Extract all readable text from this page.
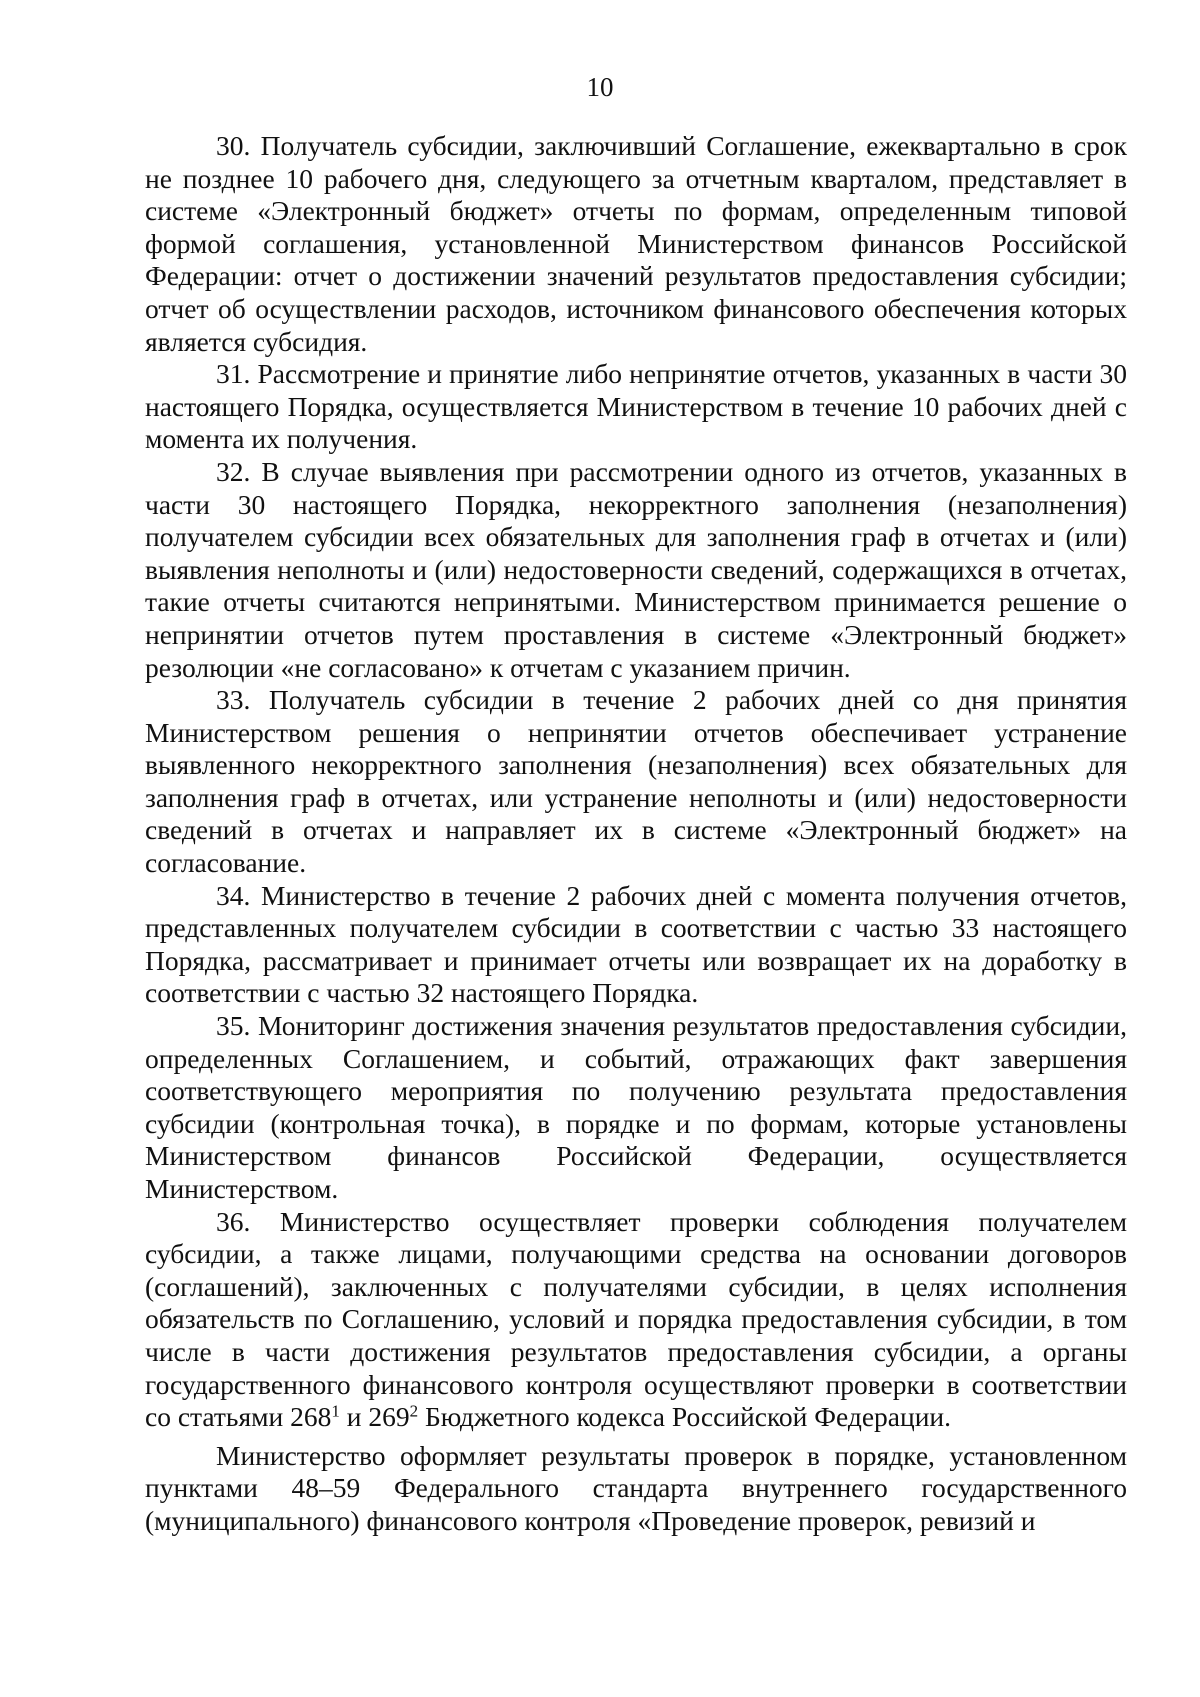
10

30. Получатель субсидии, заключивший Соглашение, ежеквартально в срок не позднее 10 рабочего дня, следующего за отчетным кварталом, представляет в системе «Электронный бюджет» отчеты по формам, определенным типовой формой соглашения, установленной Министерством финансов Российской Федерации: отчет о достижении значений результатов предоставления субсидии; отчет об осуществлении расходов, источником финансового обеспечения которых является субсидия.

31. Рассмотрение и принятие либо непринятие отчетов, указанных в части 30 настоящего Порядка, осуществляется Министерством в течение 10 рабочих дней с момента их получения.

32. В случае выявления при рассмотрении одного из отчетов, указанных в части 30 настоящего Порядка, некорректного заполнения (незаполнения) получателем субсидии всех обязательных для заполнения граф в отчетах и (или) выявления неполноты и (или) недостоверности сведений, содержащихся в отчетах, такие отчеты считаются непринятыми. Министерством принимается решение о непринятии отчетов путем проставления в системе «Электронный бюджет» резолюции «не согласовано» к отчетам с указанием причин.

33. Получатель субсидии в течение 2 рабочих дней со дня принятия Министерством решения о непринятии отчетов обеспечивает устранение выявленного некорректного заполнения (незаполнения) всех обязательных для заполнения граф в отчетах, или устранение неполноты и (или) недостоверности сведений в отчетах и направляет их в системе «Электронный бюджет» на согласование.

34. Министерство в течение 2 рабочих дней с момента получения отчетов, представленных получателем субсидии в соответствии с частью 33 настоящего Порядка, рассматривает и принимает отчеты или возвращает их на доработку в соответствии с частью 32 настоящего Порядка.

35. Мониторинг достижения значения результатов предоставления субсидии, определенных Соглашением, и событий, отражающих факт завершения соответствующего мероприятия по получению результата предоставления субсидии (контрольная точка), в порядке и по формам, которые установлены Министерством финансов Российской Федерации, осуществляется Министерством.

36. Министерство осуществляет проверки соблюдения получателем субсидии, а также лицами, получающими средства на основании договоров (соглашений), заключенных с получателями субсидии, в целях исполнения обязательств по Соглашению, условий и порядка предоставления субсидии, в том числе в части достижения результатов предоставления субсидии, а органы государственного финансового контроля осуществляют проверки в соответствии со статьями $268^1$ и $269^2$ Бюджетного кодекса Российской Федерации.

Министерство оформляет результаты проверок в порядке, установленном пунктами 48–59 Федерального стандарта внутреннего государственного (муниципального) финансового контроля «Проведение проверок, ревизий и
